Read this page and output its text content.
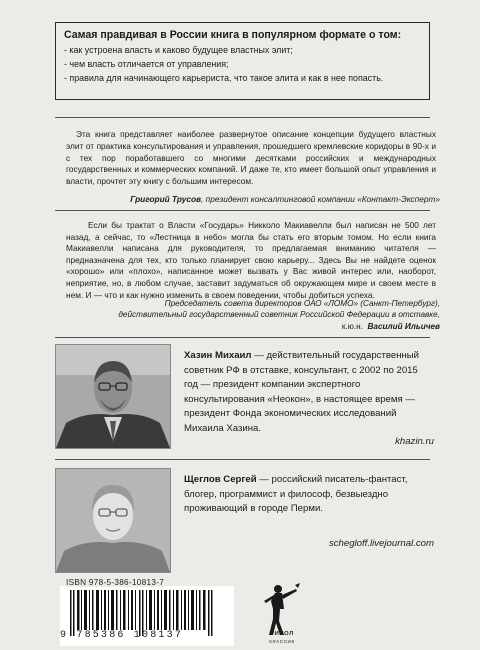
Самая правдивая в России книга в популярном формате о том:
- как устроена власть и каково будущее властных элит;
- чем власть отличается от управления;
- правила для начинающего карьериста, что такое элита и как в нее попасть.
Эта книга представляет наиболее развернутое описание концепции будущего властных элит от практика консультирования и управления, прошедшего кремлевские коридоры в 90-х и с тех пор поработавшего со многими десятками российских и международных государственных и коммерческих компаний. И даже те, кто имеет большой опыт управления и власти, прочтет эту книгу с большим интересом.
Григорий Трусов, президент консалтинговой компании «Контакт-Эксперт»
Если бы трактат о Власти «Государь» Никколо Макиавелли был написан не 500 лет назад, а сейчас, то «Лестница в небо» могла бы стать его вторым томом. Но если книга Макиавелли написана для руководителя, то предлагаемая вниманию читателя — предназначена для тех, кто только планирует свою карьеру... Здесь Вы не найдете оценок «хорошо» или «плохо», написанное может вызвать у Вас живой интерес или, наоборот, неприятие, но, в любом случае, заставит задуматься об окружающем мире и своем месте в нем. И — что и как нужно изменить в своем поведении, чтобы добиться успеха.
Председатель совета директоров ОАО «ЛОМО» (Санкт-Петербург),
действительный государственный советник Российской Федерации в отставке,
к.ю.н. Василий Ильичев
Хазин Михаил — действительный государственный советник РФ в отставке, консультант, с 2002 по 2015 год — президент компании экспертного консультирования «Неокон», в настоящее время — президент Фонда экономических исследований Михаила Хазина.
khazin.ru
Щеглов Сергей — российский писатель-фантаст, блогер, программист и философ, безвыездно проживающий в городе Перми.
schegloff.livejournal.com
ISBN 978-5-386-10813-7
9 785386 108137	РИПОЛ
КЛАССИК
